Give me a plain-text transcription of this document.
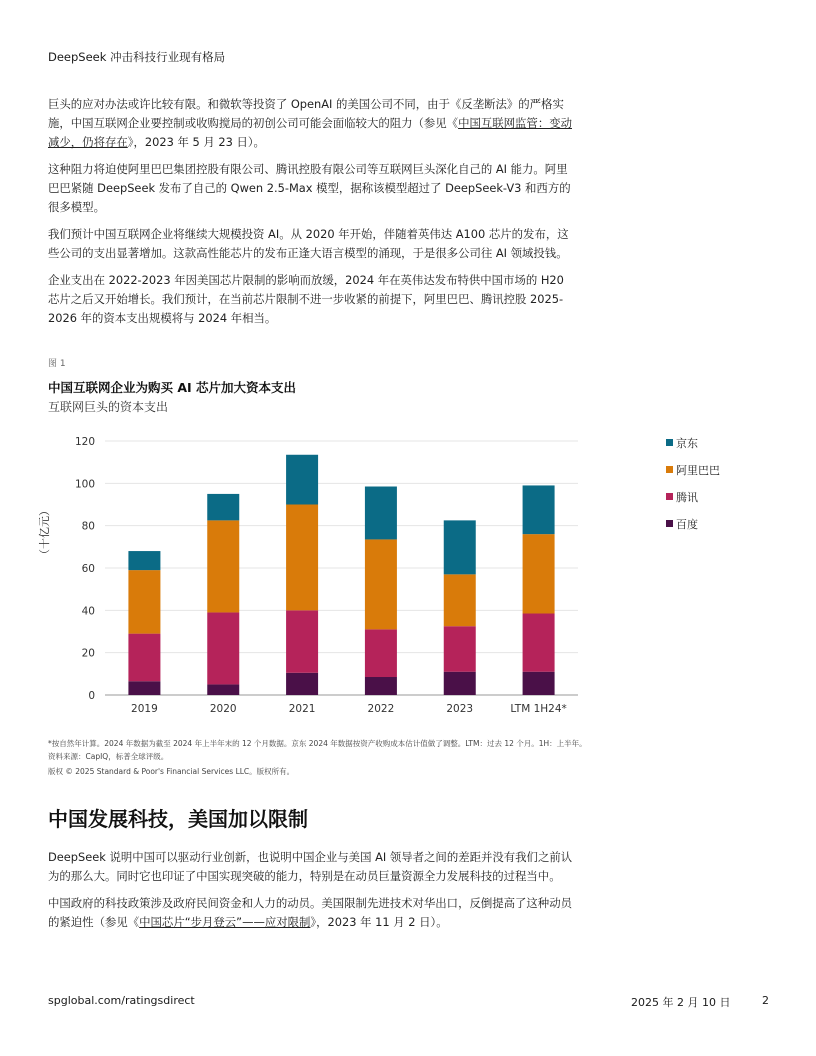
DeepSeek 冲击科技行业现有格局

巨头的应对办法或许比较有限。和微软等投资了 OpenAI 的美国公司不同，由于《反垄断法》的严格实施，中国互联网企业要控制或收购搅局的初创公司可能会面临较大的阻力（参见《中国互联网监管：变动减少，仍将存在》，2023 年 5 月 23 日）。

这种阻力将迫使阿里巴巴集团控股有限公司、腾讯控股有限公司等互联网巨头深化自己的 AI 能力。阿里巴巴紧随 DeepSeek 发布了自己的 Qwen 2.5-Max 模型，据称该模型超过了 DeepSeek-V3 和西方的很多模型。

我们预计中国互联网企业将继续大规模投资 AI。从 2020 年开始，伴随着英伟达 A100 芯片的发布，这些公司的支出显著增加。这款高性能芯片的发布正逢大语言模型的涌现，于是很多公司往 AI 领域投钱。

企业支出在 2022-2023 年因美国芯片限制的影响而放缓，2024 年在英伟达发布特供中国市场的 H20 芯片之后又开始增长。我们预计，在当前芯片限制不进一步收紧的前提下，阿里巴巴、腾讯控股 2025-2026 年的资本支出规模将与 2024 年相当。

图 1
中国互联网企业为购买 AI 芯片加大资本支出
互联网巨头的资本支出
（十亿元）
0
20
40
60
80
100
120
2019	2020	2021	2022	2023	LTM 1H24*
京东
阿里巴巴
腾讯
百度
*按自然年计算。2024 年数据为截至 2024 年上半年末的 12 个月数据。京东 2024 年数据按资产收购成本估计值做了调整。LTM：过去 12 个月。1H：上半年。资料来源：CapIQ，标普全球评级。
版权 © 2025 Standard & Poor's Financial Services LLC。版权所有。
中国发展科技，美国加以限制

DeepSeek 说明中国可以驱动行业创新，也说明中国企业与美国 AI 领导者之间的差距并没有我们之前认为的那么大。同时它也印证了中国实现突破的能力，特别是在动员巨量资源全力发展科技的过程当中。

中国政府的科技政策涉及政府民间资金和人力的动员。美国限制先进技术对华出口，反倒提高了这种动员的紧迫性（参见《中国芯片“步月登云”——应对限制》，2023 年 11 月 2 日）。

spglobal.com/ratingsdirect	2025 年 2 月 10 日	2
